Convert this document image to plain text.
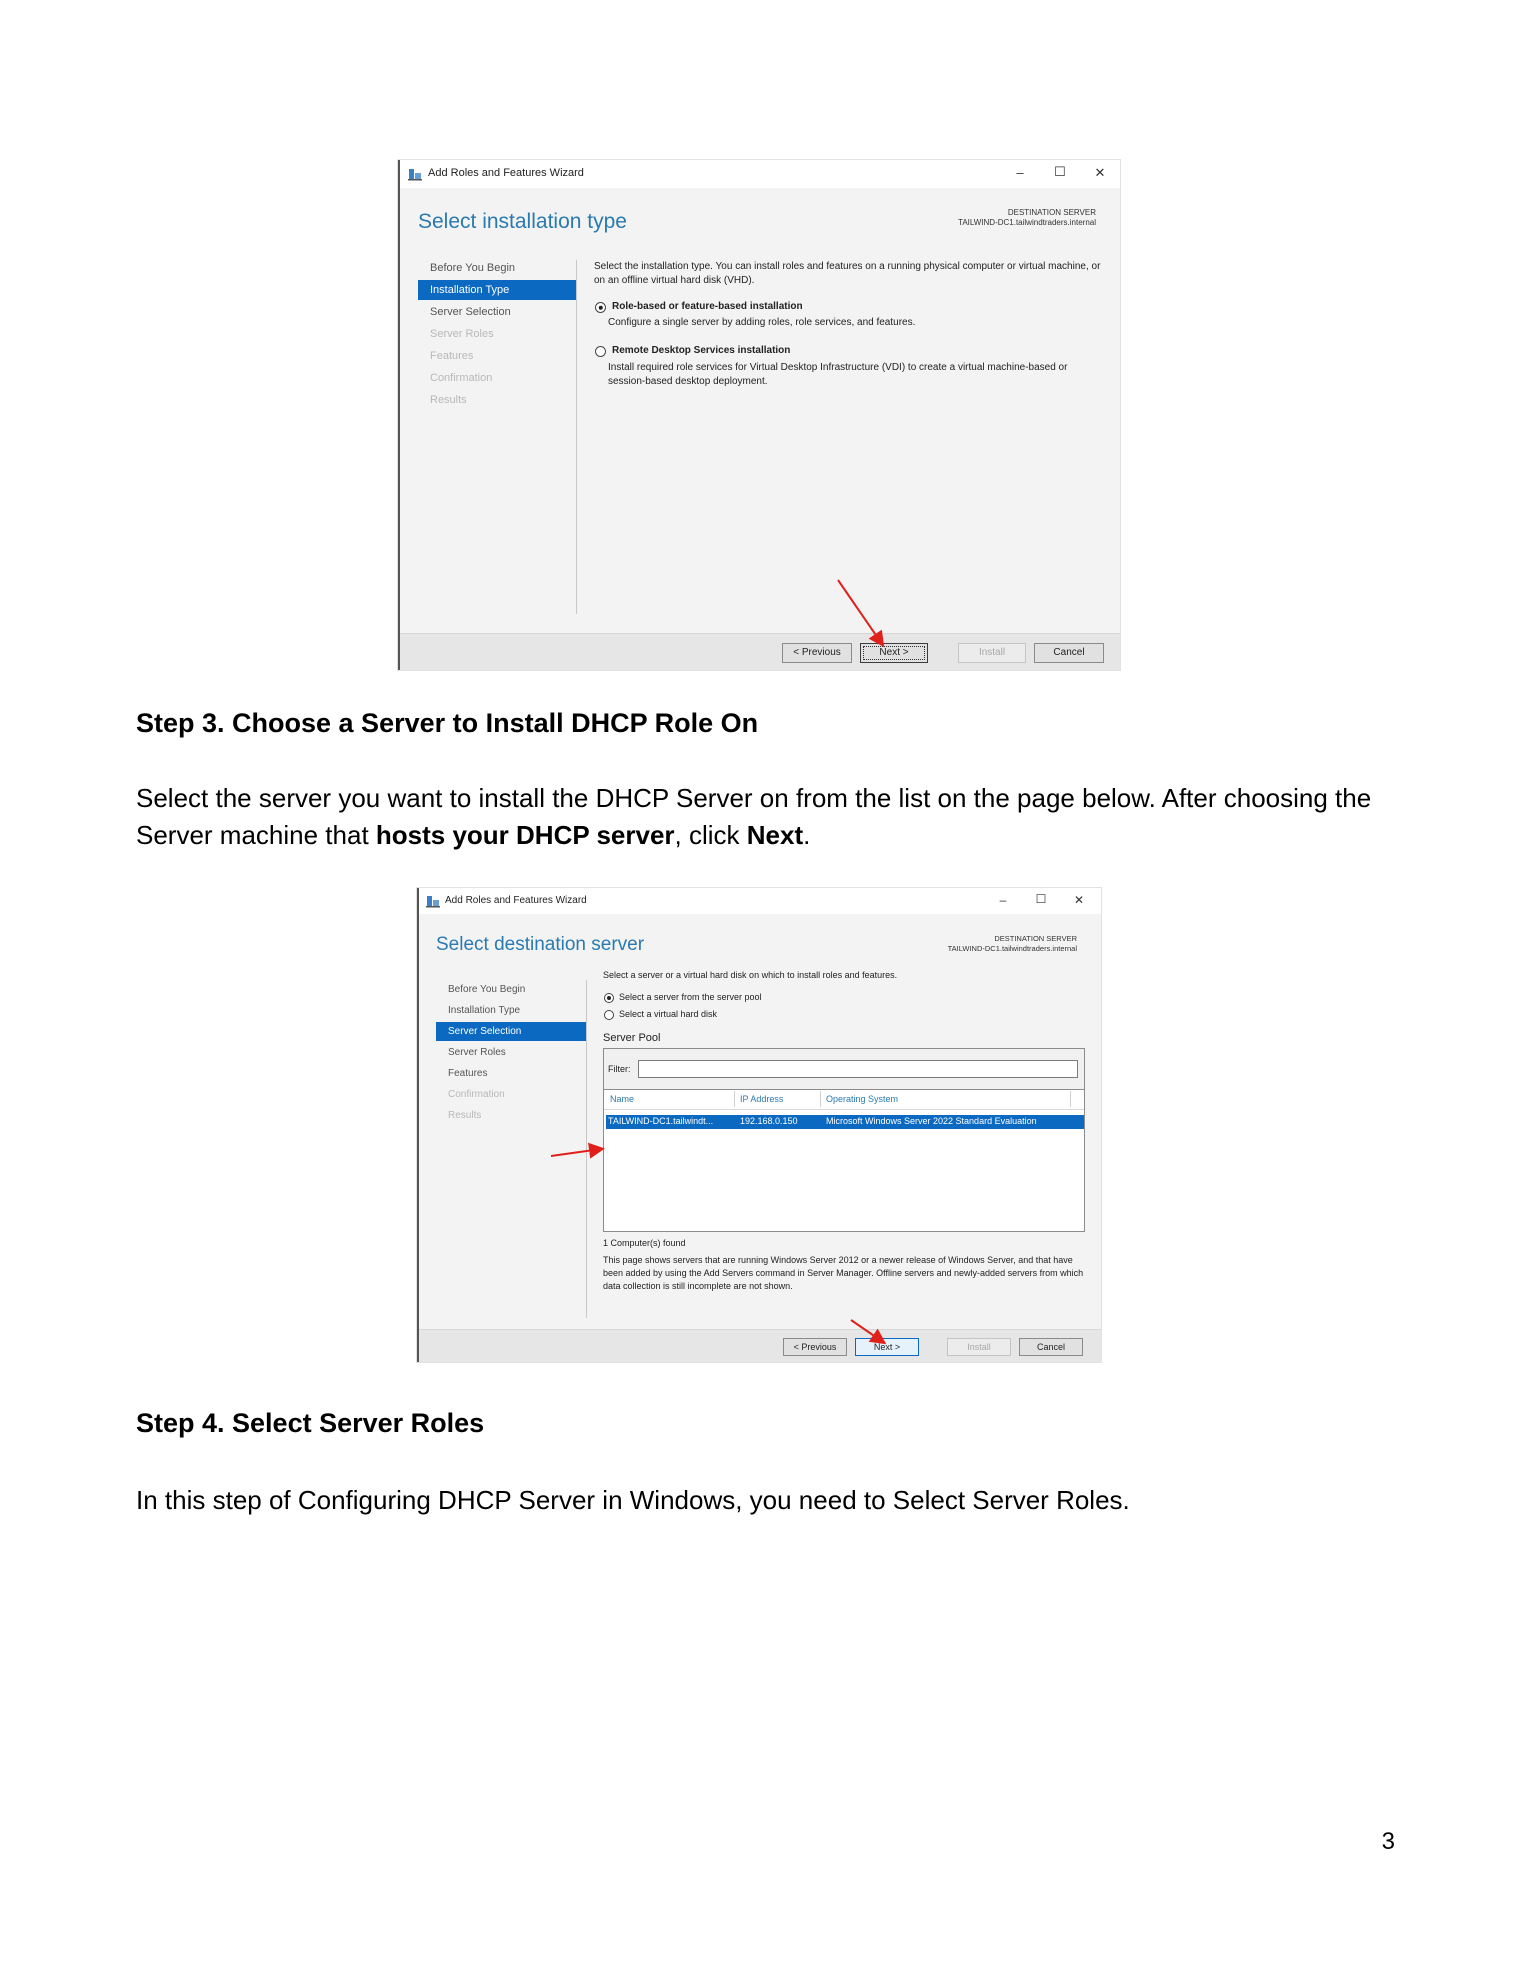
Add Roles and Features Wizard	–	☐	✕
Select installation type	DESTINATION SERVER
TAILWIND-DC1.tailwindtraders.internal
Before You Begin
Installation Type
Server Selection
Server Roles
Features
Confirmation
Results
Select the installation type. You can install roles and features on a running physical computer or virtual machine, or on an offline virtual hard disk (VHD).
Role-based or feature-based installation
Configure a single server by adding roles, role services, and features.
Remote Desktop Services installation
Install required role services for Virtual Desktop Infrastructure (VDI) to create a virtual machine-based or session-based desktop deployment.
< Previous	Next >	Install	Cancel
Step 3. Choose a Server to Install DHCP Role On
Select the server you want to install the DHCP Server on from the list on the page below. After choosing the Server machine that hosts your DHCP server, click Next.
Add Roles and Features Wizard	–	☐	✕
Select destination server	DESTINATION SERVER
TAILWIND-DC1.tailwindtraders.internal
Before You Begin
Installation Type
Server Selection
Server Roles
Features
Confirmation
Results
Select a server or a virtual hard disk on which to install roles and features.
Select a server from the server pool
Select a virtual hard disk
Server Pool
Filter:
Name	IP Address	Operating System
TAILWIND-DC1.tailwindt...	192.168.0.150	Microsoft Windows Server 2022 Standard Evaluation
1 Computer(s) found
This page shows servers that are running Windows Server 2012 or a newer release of Windows Server, and that have been added by using the Add Servers command in Server Manager. Offline servers and newly-added servers from which data collection is still incomplete are not shown.
< Previous	Next >	Install	Cancel
Step 4. Select Server Roles
In this step of Configuring DHCP Server in Windows, you need to Select Server Roles.
3
